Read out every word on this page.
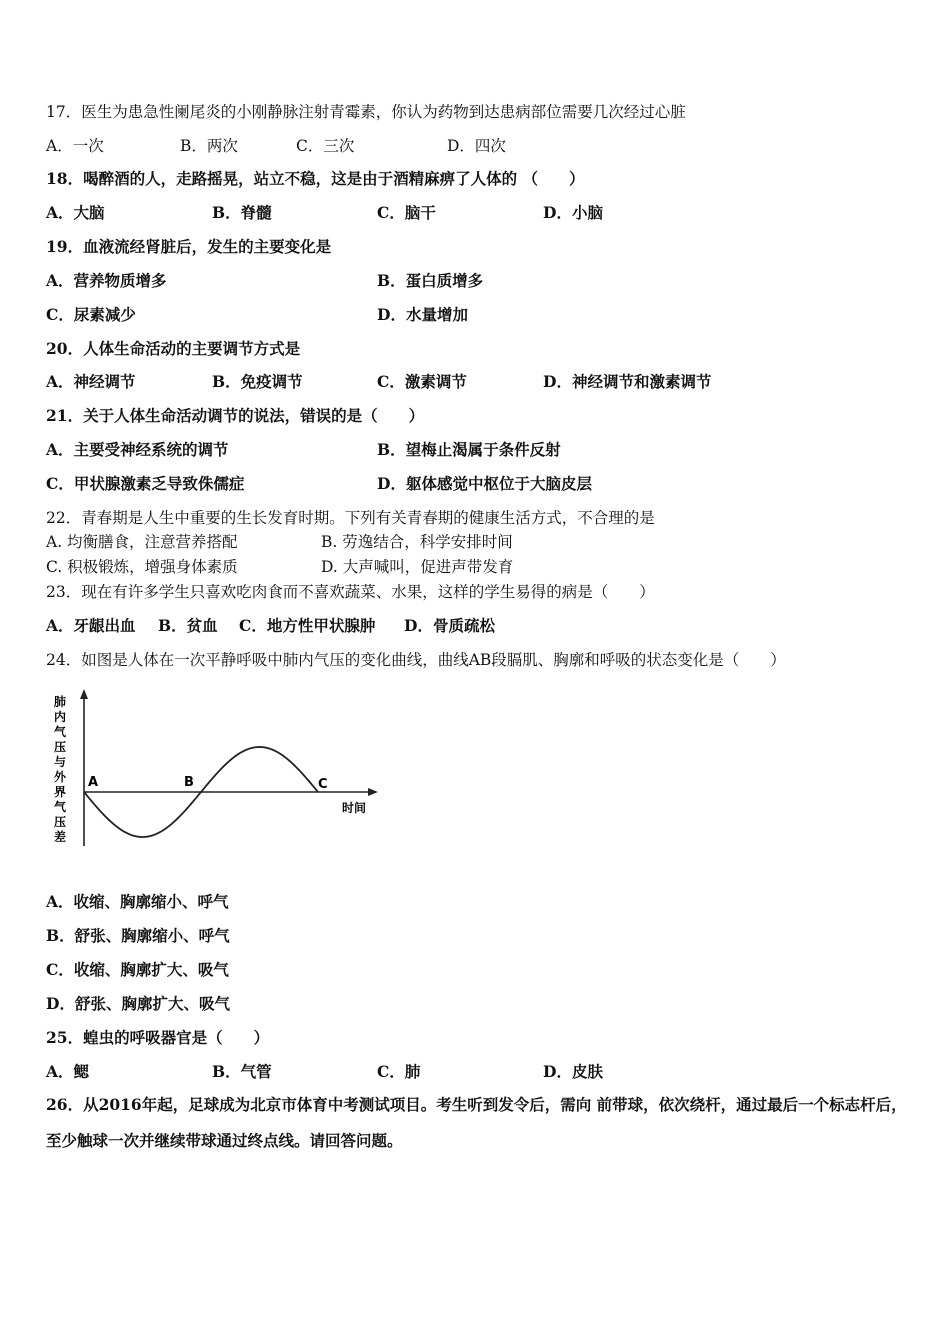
17．医生为患急性阑尾炎的小刚静脉注射青霉素，你认为药物到达患病部位需要几次经过心脏
A．一次	B．两次	C．三次	D．四次
18．喝醉酒的人，走路摇晃，站立不稳，这是由于酒精麻痹了人体的 （　　）
A．大脑	B．脊髓	C．脑干	D．小脑
19．血液流经肾脏后，发生的主要变化是
A．营养物质增多	B．蛋白质增多
C．尿素减少	D．水量增加
20．人体生命活动的主要调节方式是
A．神经调节	B．免疫调节	C．激素调节	D．神经调节和激素调节
21．关于人体生命活动调节的说法，错误的是（　　）
A．主要受神经系统的调节	B．望梅止渴属于条件反射
C．甲状腺激素乏导致侏儒症	D．躯体感觉中枢位于大脑皮层
22．青春期是人生中重要的生长发育时期。下列有关青春期的健康生活方式，不合理的是
A. 均衡膳食，注意营养搭配	B. 劳逸结合，科学安排时间
C. 积极锻炼，增强身体素质	D. 大声喊叫，促进声带发育
23．现在有许多学生只喜欢吃肉食而不喜欢蔬菜、水果，这样的学生易得的病是（　　）
A．牙龈出血 B．贫血 C．地方性甲状腺肿 D．骨质疏松
24．如图是人体在一次平静呼吸中肺内气压的变化曲线，曲线AB段膈肌、胸廓和呼吸的状态变化是（　　）
肺
内
气
压
与
外
界
气
压
差
A	B	C
时间
A．收缩、胸廓缩小、呼气
B．舒张、胸廓缩小、呼气
C．收缩、胸廓扩大、吸气
D．舒张、胸廓扩大、吸气
25．蝗虫的呼吸器官是（　　）
A．鳃	B．气管	C．肺	D．皮肤
26．从2016年起，足球成为北京市体育中考测试项目。考生听到发令后，需向 前带球，依次绕杆，通过最后一个标志杆后，至少触球一次并继续带球通过终点线。请回答问题。
